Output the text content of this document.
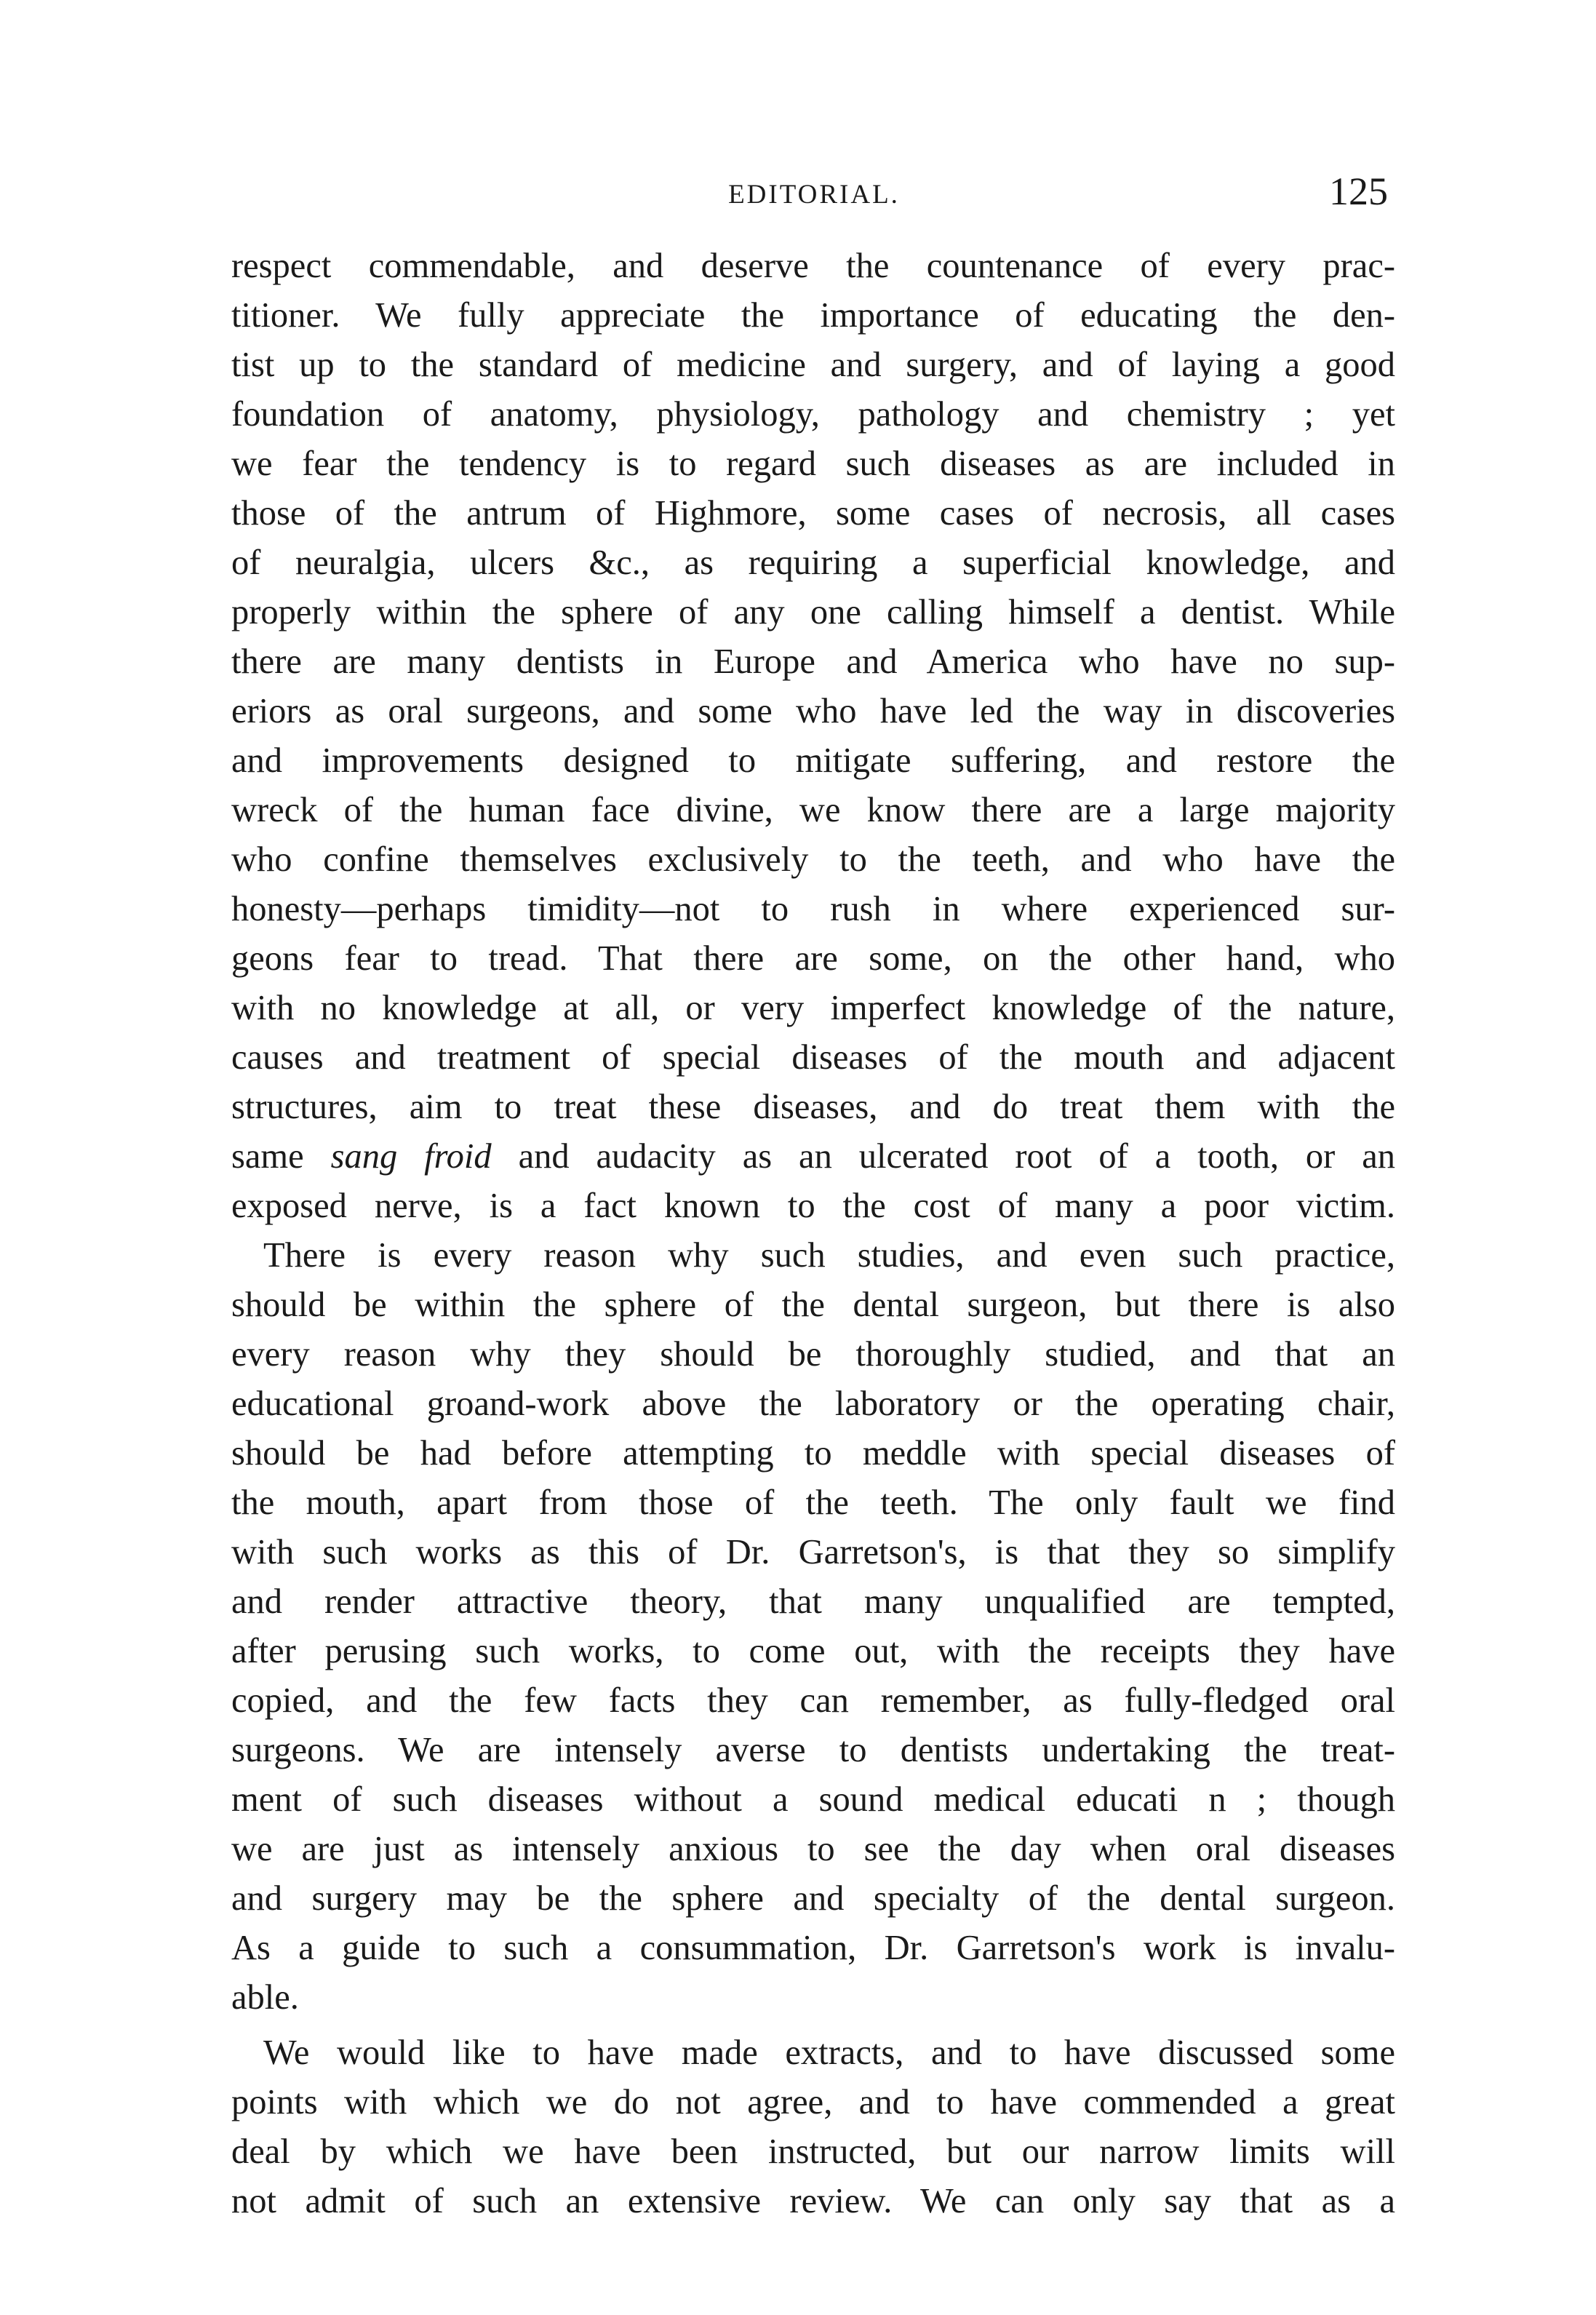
EDITORIAL.	125
respect commendable, and deserve the countenance of every prac-
titioner. We fully appreciate the importance of educating the den-
tist up to the standard of medicine and surgery, and of laying a good
foundation of anatomy, physiology, pathology and chemistry ; yet
we fear the tendency is to regard such diseases as are included in
those of the antrum of Highmore, some cases of necrosis, all cases
of neuralgia, ulcers &c., as requiring a superficial knowledge, and
properly within the sphere of any one calling himself a dentist. While
there are many dentists in Europe and America who have no sup-
eriors as oral surgeons, and some who have led the way in discoveries
and improvements designed to mitigate suffering, and restore the
wreck of the human face divine, we know there are a large majority
who confine themselves exclusively to the teeth, and who have the
honesty—perhaps timidity—not to rush in where experienced sur-
geons fear to tread. That there are some, on the other hand, who
with no knowledge at all, or very imperfect knowledge of the nature,
causes and treatment of special diseases of the mouth and adjacent
structures, aim to treat these diseases, and do treat them with the
same sang froid and audacity as an ulcerated root of a tooth, or an
exposed nerve, is a fact known to the cost of many a poor victim.
There is every reason why such studies, and even such practice,
should be within the sphere of the dental surgeon, but there is also
every reason why they should be thoroughly studied, and that an
educational groand-work above the laboratory or the operating chair,
should be had before attempting to meddle with special diseases of
the mouth, apart from those of the teeth. The only fault we find
with such works as this of Dr. Garretson's, is that they so simplify
and render attractive theory, that many unqualified are tempted,
after perusing such works, to come out, with the receipts they have
copied, and the few facts they can remember, as fully-fledged oral
surgeons. We are intensely averse to dentists undertaking the treat-
ment of such diseases without a sound medical educati n ; though
we are just as intensely anxious to see the day when oral diseases
and surgery may be the sphere and specialty of the dental surgeon.
As a guide to such a consummation, Dr. Garretson's work is invalu-
able.
We would like to have made extracts, and to have discussed some
points with which we do not agree, and to have commended a great
deal by which we have been instructed, but our narrow limits will
not admit of such an extensive review. We can only say that as a
